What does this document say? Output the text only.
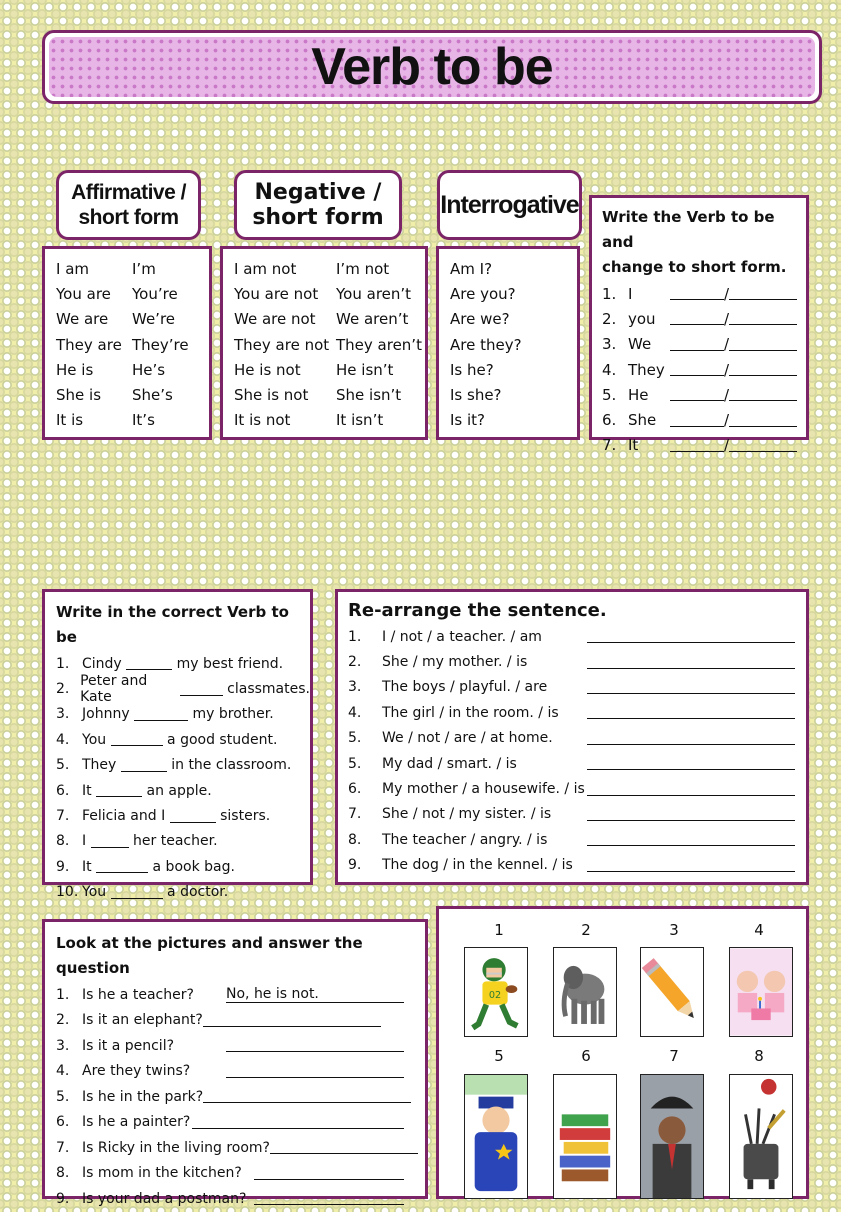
Verb to be
Affirmative /
short form
Negative /
short form Interrogative
I am	I’m
You are	You’re
We are	We’re
They are They’re
He is	He’s
She is	She’s
It is	It’s
I am not	I’m not
You are not	You aren’t
We are not	We aren’t
They are not They aren’t
He is not	He isn’t
She is not	She isn’t
It is not	It isn’t
Am I?
Are you?
Are we?
Are they?
Is he?
Is she?
Is it?
Write the Verb to be and
change to short form.
1. I	/
2. you	/
3. We	/
4. They	/
5. He	/
6. She	/
7. It	/
Write in the correct Verb to be
1. Cindy

	my best friend.
2. Peter and Kate

classmates.
3. Johnny

	my brother.
4. You

	a good student.
5. They

	in the classroom.
6. It

	an apple.
7. Felicia and I

	sisters.
8. I

	her teacher.
9. It

	a book bag.
10. You

	a doctor.
Re-arrange the sentence.
1.	I / not / a teacher. / am
2.	She / my mother. / is
3.	The boys / playful. / are
4.	The girl / in the room. / is
5.	We / not / are / at home.
5.	My dad / smart. / is
6.	My mother / a housewife. / is
7.	She / not / my sister. / is
8.	The teacher / angry. / is
9.	The dog / in the kennel. / is
Look at the pictures and answer the question
1. Is he a teacher?	No, he is not.
2. Is it an elephant?
3. Is it a pencil?
4. Are they twins?
5. Is he in the park?
6. Is he a painter?
7. Is Ricky in the living room?
8. Is mom in the kitchen?
9. Is your dad a postman?
1	2	3	4
02
5	6	7	8
